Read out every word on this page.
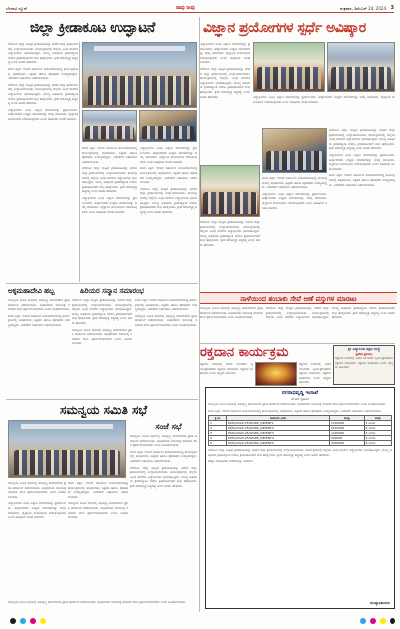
ಬೆಳಗಾವಿ ನ್ಯೂಸ್	ನಾವು ನೀವು	ಶುಕ್ರವಾರ, ಡಿಸೆಂಬರ್ 24, 2024 3
ಜಿಲ್ಲಾ ಕ್ರೀಡಾಕೂಟ ಉದ್ಘಾಟನೆ	ವಿಜ್ಞಾನ ಪ್ರಯೋಗಗಳ ಸ್ಪರ್ಧೆ ಅವಿಷ್ಕಾರ

ಬೆಳಗಾವಿ: ಜಿಲ್ಲಾ ಮಟ್ಟದ ಕ್ರೀಡಾಕೂಟವನ್ನು ನಗರದ ಜಿಲ್ಲಾ ಕ್ರೀಡಾಂಗಣದಲ್ಲಿ ಉದ್ಘಾಟಿಸಲಾಯಿತು. ಕಾರ್ಯಕ್ರಮದಲ್ಲಿ ಜಿಲ್ಲೆಯ ವಿವಿಧ ಶಾಲೆಗಳ ವಿದ್ಯಾರ್ಥಿಗಳು ಭಾಗವಹಿಸಿದ್ದರು. ಮುಖ್ಯ ಅತಿಥಿಗಳು ಕ್ರೀಡಾಜ್ಯೋತಿ ಬೆಳಗಿಸಿ ಕ್ರೀಡಾಪಟುಗಳಿಗೆ ಶುಭ ಹಾರೈಸಿದರು. ಕ್ರೀಡೆ ಆರೋಗ್ಯಕ್ಕೆ ಅತ್ಯಗತ್ಯ ಎಂದು ಅವರು ಹೇಳಿದರು.

ಶಾಲಾ ಶಿಕ್ಷಣ ಇಲಾಖೆ ವತಿಯಿಂದ ಆಯೋಜಿಸಲಾಗಿದ್ದ ಕಾರ್ಯಕ್ರಮದಲ್ಲಿ ಅಧಿಕಾರಿಗಳು, ಶಿಕ್ಷಕರು ಹಾಗೂ ಪೋಷಕರು ಉಪಸ್ಥಿತರಿದ್ದರು. ವಿಜೇತರಿಗೆ ಬಹುಮಾನ ವಿತರಿಸಲಾಯಿತು.

ಬೆಳಗಾವಿ: ಜಿಲ್ಲಾ ಮಟ್ಟದ ಕ್ರೀಡಾಕೂಟವನ್ನು ನಗರದ ಜಿಲ್ಲಾ ಕ್ರೀಡಾಂಗಣದಲ್ಲಿ ಉದ್ಘಾಟಿಸಲಾಯಿತು. ಕಾರ್ಯಕ್ರಮದಲ್ಲಿ ಜಿಲ್ಲೆಯ ವಿವಿಧ ಶಾಲೆಗಳ ವಿದ್ಯಾರ್ಥಿಗಳು ಭಾಗವಹಿಸಿದ್ದರು. ಮುಖ್ಯ ಅತಿಥಿಗಳು ಕ್ರೀಡಾಜ್ಯೋತಿ ಬೆಳಗಿಸಿ ಕ್ರೀಡಾಪಟುಗಳಿಗೆ ಶುಭ ಹಾರೈಸಿದರು. ಕ್ರೀಡೆ ಆರೋಗ್ಯಕ್ಕೆ ಅತ್ಯಗತ್ಯ ಎಂದು ಅವರು ಹೇಳಿದರು.

ವಿದ್ಯಾರ್ಥಿಗಳು ವಿವಿಧ ವಿಜ್ಞಾನ ಮಾದರಿಗಳನ್ನು ಪ್ರದರ್ಶಿಸಿದರು. ತೀರ್ಪುಗಾರರು ಉತ್ತಮ ಮಾದರಿಗಳನ್ನು ಆಯ್ಕೆ ಮಾಡಿದರು. ವೈಜ್ಞಾನಿಕ ಮನೋಭಾವ ಬೆಳೆಸಿಕೊಳ್ಳಬೇಕು ಎಂದು ಅತಿಥಿಗಳು ಸಲಹೆ ನೀಡಿದರು.

ಶಾಲಾ ಶಿಕ್ಷಣ ಇಲಾಖೆ ವತಿಯಿಂದ ಆಯೋಜಿಸಲಾಗಿದ್ದ ಕಾರ್ಯಕ್ರಮದಲ್ಲಿ ಅಧಿಕಾರಿಗಳು, ಶಿಕ್ಷಕರು ಹಾಗೂ ಪೋಷಕರು ಉಪಸ್ಥಿತರಿದ್ದರು. ವಿಜೇತರಿಗೆ ಬಹುಮಾನ ವಿತರಿಸಲಾಯಿತು.

ಬೆಳಗಾವಿ: ಜಿಲ್ಲಾ ಮಟ್ಟದ ಕ್ರೀಡಾಕೂಟವನ್ನು ನಗರದ ಜಿಲ್ಲಾ ಕ್ರೀಡಾಂಗಣದಲ್ಲಿ ಉದ್ಘಾಟಿಸಲಾಯಿತು. ಕಾರ್ಯಕ್ರಮದಲ್ಲಿ ಜಿಲ್ಲೆಯ ವಿವಿಧ ಶಾಲೆಗಳ ವಿದ್ಯಾರ್ಥಿಗಳು ಭಾಗವಹಿಸಿದ್ದರು. ಮುಖ್ಯ ಅತಿಥಿಗಳು ಕ್ರೀಡಾಜ್ಯೋತಿ ಬೆಳಗಿಸಿ ಕ್ರೀಡಾಪಟುಗಳಿಗೆ ಶುಭ ಹಾರೈಸಿದರು. ಕ್ರೀಡೆ ಆರೋಗ್ಯಕ್ಕೆ ಅತ್ಯಗತ್ಯ ಎಂದು ಅವರು ಹೇಳಿದರು.

ವಿದ್ಯಾರ್ಥಿಗಳು ವಿವಿಧ ವಿಜ್ಞಾನ ಮಾದರಿಗಳನ್ನು ಪ್ರದರ್ಶಿಸಿದರು. ತೀರ್ಪುಗಾರರು ಉತ್ತಮ ಮಾದರಿಗಳನ್ನು ಆಯ್ಕೆ ಮಾಡಿದರು. ವೈಜ್ಞಾನಿಕ ಮನೋಭಾವ ಬೆಳೆಸಿಕೊಳ್ಳಬೇಕು ಎಂದು ಅತಿಥಿಗಳು ಸಲಹೆ ನೀಡಿದರು.

ವಿದ್ಯಾರ್ಥಿಗಳು ವಿವಿಧ ವಿಜ್ಞಾನ ಮಾದರಿಗಳನ್ನು ಪ್ರದರ್ಶಿಸಿದರು. ತೀರ್ಪುಗಾರರು ಉತ್ತಮ ಮಾದರಿಗಳನ್ನು ಆಯ್ಕೆ ಮಾಡಿದರು. ವೈಜ್ಞಾನಿಕ ಮನೋಭಾವ ಬೆಳೆಸಿಕೊಳ್ಳಬೇಕು ಎಂದು ಅತಿಥಿಗಳು ಸಲಹೆ ನೀಡಿದರು.

ಶಾಲಾ ಶಿಕ್ಷಣ ಇಲಾಖೆ ವತಿಯಿಂದ ಆಯೋಜಿಸಲಾಗಿದ್ದ ಕಾರ್ಯಕ್ರಮದಲ್ಲಿ ಅಧಿಕಾರಿಗಳು, ಶಿಕ್ಷಕರು ಹಾಗೂ ಪೋಷಕರು ಉಪಸ್ಥಿತರಿದ್ದರು. ವಿಜೇತರಿಗೆ ಬಹುಮಾನ ವಿತರಿಸಲಾಯಿತು.

ಬೆಳಗಾವಿ: ಜಿಲ್ಲಾ ಮಟ್ಟದ ಕ್ರೀಡಾಕೂಟವನ್ನು ನಗರದ ಜಿಲ್ಲಾ ಕ್ರೀಡಾಂಗಣದಲ್ಲಿ ಉದ್ಘಾಟಿಸಲಾಯಿತು. ಕಾರ್ಯಕ್ರಮದಲ್ಲಿ ಜಿಲ್ಲೆಯ ವಿವಿಧ ಶಾಲೆಗಳ ವಿದ್ಯಾರ್ಥಿಗಳು ಭಾಗವಹಿಸಿದ್ದರು. ಮುಖ್ಯ ಅತಿಥಿಗಳು ಕ್ರೀಡಾಜ್ಯೋತಿ ಬೆಳಗಿಸಿ ಕ್ರೀಡಾಪಟುಗಳಿಗೆ ಶುಭ ಹಾರೈಸಿದರು. ಕ್ರೀಡೆ ಆರೋಗ್ಯಕ್ಕೆ ಅತ್ಯಗತ್ಯ ಎಂದು ಅವರು ಹೇಳಿದರು.

ವಿದ್ಯಾರ್ಥಿಗಳು ವಿವಿಧ ವಿಜ್ಞಾನ ಮಾದರಿಗಳನ್ನು ಪ್ರದರ್ಶಿಸಿದರು. ತೀರ್ಪುಗಾರರು ಉತ್ತಮ ಮಾದರಿಗಳನ್ನು ಆಯ್ಕೆ ಮಾಡಿದರು. ವೈಜ್ಞಾನಿಕ ಮನೋಭಾವ ಬೆಳೆಸಿಕೊಳ್ಳಬೇಕು ಎಂದು ಅತಿಥಿಗಳು ಸಲಹೆ ನೀಡಿದರು.

ಬೆಳಗಾವಿ: ಜಿಲ್ಲಾ ಮಟ್ಟದ ಕ್ರೀಡಾಕೂಟವನ್ನು ನಗರದ ಜಿಲ್ಲಾ ಕ್ರೀಡಾಂಗಣದಲ್ಲಿ ಉದ್ಘಾಟಿಸಲಾಯಿತು. ಕಾರ್ಯಕ್ರಮದಲ್ಲಿ ಜಿಲ್ಲೆಯ ವಿವಿಧ ಶಾಲೆಗಳ ವಿದ್ಯಾರ್ಥಿಗಳು ಭಾಗವಹಿಸಿದ್ದರು. ಮುಖ್ಯ ಅತಿಥಿಗಳು ಕ್ರೀಡಾಜ್ಯೋತಿ ಬೆಳಗಿಸಿ ಕ್ರೀಡಾಪಟುಗಳಿಗೆ ಶುಭ ಹಾರೈಸಿದರು. ಕ್ರೀಡೆ ಆರೋಗ್ಯಕ್ಕೆ ಅತ್ಯಗತ್ಯ ಎಂದು ಅವರು ಹೇಳಿದರು.	ವಿದ್ಯಾರ್ಥಿಗಳು ವಿವಿಧ ವಿಜ್ಞಾನ ಮಾದರಿಗಳನ್ನು ಪ್ರದರ್ಶಿಸಿದರು. ತೀರ್ಪುಗಾರರು ಉತ್ತಮ ಮಾದರಿಗಳನ್ನು ಆಯ್ಕೆ ಮಾಡಿದರು. ವೈಜ್ಞಾನಿಕ ಮನೋಭಾವ ಬೆಳೆಸಿಕೊಳ್ಳಬೇಕು ಎಂದು ಅತಿಥಿಗಳು ಸಲಹೆ ನೀಡಿದರು.

ಬೆಳಗಾವಿ: ಜಿಲ್ಲಾ ಮಟ್ಟದ ಕ್ರೀಡಾಕೂಟವನ್ನು ನಗರದ ಜಿಲ್ಲಾ ಕ್ರೀಡಾಂಗಣದಲ್ಲಿ ಉದ್ಘಾಟಿಸಲಾಯಿತು. ಕಾರ್ಯಕ್ರಮದಲ್ಲಿ ಜಿಲ್ಲೆಯ ವಿವಿಧ ಶಾಲೆಗಳ ವಿದ್ಯಾರ್ಥಿಗಳು ಭಾಗವಹಿಸಿದ್ದರು. ಮುಖ್ಯ ಅತಿಥಿಗಳು ಕ್ರೀಡಾಜ್ಯೋತಿ ಬೆಳಗಿಸಿ ಕ್ರೀಡಾಪಟುಗಳಿಗೆ ಶುಭ ಹಾರೈಸಿದರು. ಕ್ರೀಡೆ ಆರೋಗ್ಯಕ್ಕೆ ಅತ್ಯಗತ್ಯ ಎಂದು ಅವರು ಹೇಳಿದರು.

ವಿದ್ಯಾರ್ಥಿಗಳು ವಿವಿಧ ವಿಜ್ಞಾನ ಮಾದರಿಗಳನ್ನು ಪ್ರದರ್ಶಿಸಿದರು. ತೀರ್ಪುಗಾರರು ಉತ್ತಮ ಮಾದರಿಗಳನ್ನು ಆಯ್ಕೆ ಮಾಡಿದರು. ವೈಜ್ಞಾನಿಕ ಮನೋಭಾವ ಬೆಳೆಸಿಕೊಳ್ಳಬೇಕು ಎಂದು ಅತಿಥಿಗಳು ಸಲಹೆ ನೀಡಿದರು.

ಶಾಲಾ ಶಿಕ್ಷಣ ಇಲಾಖೆ ವತಿಯಿಂದ ಆಯೋಜಿಸಲಾಗಿದ್ದ ಕಾರ್ಯಕ್ರಮದಲ್ಲಿ ಅಧಿಕಾರಿಗಳು, ಶಿಕ್ಷಕರು ಹಾಗೂ ಪೋಷಕರು ಉಪಸ್ಥಿತರಿದ್ದರು. ವಿಜೇತರಿಗೆ ಬಹುಮಾನ ವಿತರಿಸಲಾಯಿತು.

ಶಾಲಾ ಶಿಕ್ಷಣ ಇಲಾಖೆ ವತಿಯಿಂದ ಆಯೋಜಿಸಲಾಗಿದ್ದ ಕಾರ್ಯಕ್ರಮದಲ್ಲಿ ಅಧಿಕಾರಿಗಳು, ಶಿಕ್ಷಕರು ಹಾಗೂ ಪೋಷಕರು ಉಪಸ್ಥಿತರಿದ್ದರು. ವಿಜೇತರಿಗೆ ಬಹುಮಾನ ವಿತರಿಸಲಾಯಿತು.

ವಿದ್ಯಾರ್ಥಿಗಳು ವಿವಿಧ ವಿಜ್ಞಾನ ಮಾದರಿಗಳನ್ನು ಪ್ರದರ್ಶಿಸಿದರು. ತೀರ್ಪುಗಾರರು ಉತ್ತಮ ಮಾದರಿಗಳನ್ನು ಆಯ್ಕೆ ಮಾಡಿದರು. ವೈಜ್ಞಾನಿಕ ಮನೋಭಾವ ಬೆಳೆಸಿಕೊಳ್ಳಬೇಕು ಎಂದು ಅತಿಥಿಗಳು ಸಲಹೆ ನೀಡಿದರು.

ಬೆಳಗಾವಿ: ಜಿಲ್ಲಾ ಮಟ್ಟದ ಕ್ರೀಡಾಕೂಟವನ್ನು ನಗರದ ಜಿಲ್ಲಾ ಕ್ರೀಡಾಂಗಣದಲ್ಲಿ ಉದ್ಘಾಟಿಸಲಾಯಿತು. ಕಾರ್ಯಕ್ರಮದಲ್ಲಿ ಜಿಲ್ಲೆಯ ವಿವಿಧ ಶಾಲೆಗಳ ವಿದ್ಯಾರ್ಥಿಗಳು ಭಾಗವಹಿಸಿದ್ದರು. ಮುಖ್ಯ ಅತಿಥಿಗಳು ಕ್ರೀಡಾಜ್ಯೋತಿ ಬೆಳಗಿಸಿ ಕ್ರೀಡಾಪಟುಗಳಿಗೆ ಶುಭ ಹಾರೈಸಿದರು. ಕ್ರೀಡೆ ಆರೋಗ್ಯಕ್ಕೆ ಅತ್ಯಗತ್ಯ ಎಂದು ಅವರು ಹೇಳಿದರು.

ನಾಳೆಯಿಂದ ತಂಬಾಕು ಸೇವೆ ಅಣೆ ವಸ್ತುಗಳ ಮಾರಾಟ

ಸಮನ್ವಯ ಸಮಿತಿ ಸಭೆಯಲ್ಲಿ ಅಭಿವೃದ್ಧಿ ಕಾಮಗಾರಿಗಳ ಪ್ರಗತಿ ಪರಿಶೀಲನೆ ನಡೆಸಲಾಯಿತು. ಅಧಿಕಾರಿಗಳು ಸಮಯಕ್ಕೆ ಸರಿಯಾಗಿ ಕೆಲಸ ಪೂರ್ಣಗೊಳಿಸಬೇಕು ಎಂದು ಸೂಚಿಸಲಾಯಿತು.

ಬೆಳಗಾವಿ: ಜಿಲ್ಲಾ ಮಟ್ಟದ ಕ್ರೀಡಾಕೂಟವನ್ನು ನಗರದ ಜಿಲ್ಲಾ ಕ್ರೀಡಾಂಗಣದಲ್ಲಿ ಉದ್ಘಾಟಿಸಲಾಯಿತು. ಕಾರ್ಯಕ್ರಮದಲ್ಲಿ ಜಿಲ್ಲೆಯ ವಿವಿಧ ಶಾಲೆಗಳ ವಿದ್ಯಾರ್ಥಿಗಳು ಭಾಗವಹಿಸಿದ್ದರು. ಮುಖ್ಯ ಅತಿಥಿಗಳು ಕ್ರೀಡಾಜ್ಯೋತಿ ಬೆಳಗಿಸಿ ಕ್ರೀಡಾಪಟುಗಳಿಗೆ ಶುಭ ಹಾರೈಸಿದರು. ಕ್ರೀಡೆ ಆರೋಗ್ಯಕ್ಕೆ ಅತ್ಯಗತ್ಯ ಎಂದು ಅವರು ಹೇಳಿದರು.

ಅಕ್ಕಮಹಾದೇವಿ ಹಬ್ಬ	ಹಿರಿಯರ ಸನ್ಮಾನ ಸಮಾರಂಭ

ಸಮನ್ವಯ ಸಮಿತಿ ಸಭೆಯಲ್ಲಿ ಅಭಿವೃದ್ಧಿ ಕಾಮಗಾರಿಗಳ ಪ್ರಗತಿ ಪರಿಶೀಲನೆ ನಡೆಸಲಾಯಿತು. ಅಧಿಕಾರಿಗಳು ಸಮಯಕ್ಕೆ ಸರಿಯಾಗಿ ಕೆಲಸ ಪೂರ್ಣಗೊಳಿಸಬೇಕು ಎಂದು ಸೂಚಿಸಲಾಯಿತು.

ಶಾಲಾ ಶಿಕ್ಷಣ ಇಲಾಖೆ ವತಿಯಿಂದ ಆಯೋಜಿಸಲಾಗಿದ್ದ ಕಾರ್ಯಕ್ರಮದಲ್ಲಿ ಅಧಿಕಾರಿಗಳು, ಶಿಕ್ಷಕರು ಹಾಗೂ ಪೋಷಕರು ಉಪಸ್ಥಿತರಿದ್ದರು. ವಿಜೇತರಿಗೆ ಬಹುಮಾನ ವಿತರಿಸಲಾಯಿತು.

ಬೆಳಗಾವಿ: ಜಿಲ್ಲಾ ಮಟ್ಟದ ಕ್ರೀಡಾಕೂಟವನ್ನು ನಗರದ ಜಿಲ್ಲಾ ಕ್ರೀಡಾಂಗಣದಲ್ಲಿ ಉದ್ಘಾಟಿಸಲಾಯಿತು. ಕಾರ್ಯಕ್ರಮದಲ್ಲಿ ಜಿಲ್ಲೆಯ ವಿವಿಧ ಶಾಲೆಗಳ ವಿದ್ಯಾರ್ಥಿಗಳು ಭಾಗವಹಿಸಿದ್ದರು. ಮುಖ್ಯ ಅತಿಥಿಗಳು ಕ್ರೀಡಾಜ್ಯೋತಿ ಬೆಳಗಿಸಿ ಕ್ರೀಡಾಪಟುಗಳಿಗೆ ಶುಭ ಹಾರೈಸಿದರು. ಕ್ರೀಡೆ ಆರೋಗ್ಯಕ್ಕೆ ಅತ್ಯಗತ್ಯ ಎಂದು ಅವರು ಹೇಳಿದರು.

ಸಮನ್ವಯ ಸಮಿತಿ ಸಭೆಯಲ್ಲಿ ಅಭಿವೃದ್ಧಿ ಕಾಮಗಾರಿಗಳ ಪ್ರಗತಿ ಪರಿಶೀಲನೆ ನಡೆಸಲಾಯಿತು. ಅಧಿಕಾರಿಗಳು ಸಮಯಕ್ಕೆ ಸರಿಯಾಗಿ ಕೆಲಸ ಪೂರ್ಣಗೊಳಿಸಬೇಕು ಎಂದು ಸೂಚಿಸಲಾಯಿತು.

ಶಾಲಾ ಶಿಕ್ಷಣ ಇಲಾಖೆ ವತಿಯಿಂದ ಆಯೋಜಿಸಲಾಗಿದ್ದ ಕಾರ್ಯಕ್ರಮದಲ್ಲಿ ಅಧಿಕಾರಿಗಳು, ಶಿಕ್ಷಕರು ಹಾಗೂ ಪೋಷಕರು ಉಪಸ್ಥಿತರಿದ್ದರು. ವಿಜೇತರಿಗೆ ಬಹುಮಾನ ವಿತರಿಸಲಾಯಿತು.

ಸಮನ್ವಯ ಸಮಿತಿ ಸಭೆಯಲ್ಲಿ ಅಭಿವೃದ್ಧಿ ಕಾಮಗಾರಿಗಳ ಪ್ರಗತಿ ಪರಿಶೀಲನೆ ನಡೆಸಲಾಯಿತು. ಅಧಿಕಾರಿಗಳು ಸಮಯಕ್ಕೆ ಸರಿಯಾಗಿ ಕೆಲಸ ಪೂರ್ಣಗೊಳಿಸಬೇಕು ಎಂದು ಸೂಚಿಸಲಾಯಿತು.

ಸಮನ್ವಯ ಸಮಿತಿ ಸಭೆ
ಸಂಜೆ ಸಭೆ

ಸಮನ್ವಯ ಸಮಿತಿ ಸಭೆಯಲ್ಲಿ ಅಭಿವೃದ್ಧಿ ಕಾಮಗಾರಿಗಳ ಪ್ರಗತಿ ಪರಿಶೀಲನೆ ನಡೆಸಲಾಯಿತು. ಅಧಿಕಾರಿಗಳು ಸಮಯಕ್ಕೆ ಸರಿಯಾಗಿ ಕೆಲಸ ಪೂರ್ಣಗೊಳಿಸಬೇಕು ಎಂದು ಸೂಚಿಸಲಾಯಿತು.

ಶಾಲಾ ಶಿಕ್ಷಣ ಇಲಾಖೆ ವತಿಯಿಂದ ಆಯೋಜಿಸಲಾಗಿದ್ದ ಕಾರ್ಯಕ್ರಮದಲ್ಲಿ ಅಧಿಕಾರಿಗಳು, ಶಿಕ್ಷಕರು ಹಾಗೂ ಪೋಷಕರು ಉಪಸ್ಥಿತರಿದ್ದರು. ವಿಜೇತರಿಗೆ ಬಹುಮಾನ ವಿತರಿಸಲಾಯಿತು.

ಬೆಳಗಾವಿ: ಜಿಲ್ಲಾ ಮಟ್ಟದ ಕ್ರೀಡಾಕೂಟವನ್ನು ನಗರದ ಜಿಲ್ಲಾ ಕ್ರೀಡಾಂಗಣದಲ್ಲಿ ಉದ್ಘಾಟಿಸಲಾಯಿತು. ಕಾರ್ಯಕ್ರಮದಲ್ಲಿ ಜಿಲ್ಲೆಯ ವಿವಿಧ ಶಾಲೆಗಳ ವಿದ್ಯಾರ್ಥಿಗಳು ಭಾಗವಹಿಸಿದ್ದರು. ಮುಖ್ಯ ಅತಿಥಿಗಳು ಕ್ರೀಡಾಜ್ಯೋತಿ ಬೆಳಗಿಸಿ ಕ್ರೀಡಾಪಟುಗಳಿಗೆ ಶುಭ ಹಾರೈಸಿದರು. ಕ್ರೀಡೆ ಆರೋಗ್ಯಕ್ಕೆ ಅತ್ಯಗತ್ಯ ಎಂದು ಅವರು ಹೇಳಿದರು.

ಸಮನ್ವಯ ಸಮಿತಿ ಸಭೆಯಲ್ಲಿ ಅಭಿವೃದ್ಧಿ ಕಾಮಗಾರಿಗಳ ಪ್ರಗತಿ ಪರಿಶೀಲನೆ ನಡೆಸಲಾಯಿತು. ಅಧಿಕಾರಿಗಳು ಸಮಯಕ್ಕೆ ಸರಿಯಾಗಿ ಕೆಲಸ ಪೂರ್ಣಗೊಳಿಸಬೇಕು ಎಂದು ಸೂಚಿಸಲಾಯಿತು.

ವಿದ್ಯಾರ್ಥಿಗಳು ವಿವಿಧ ವಿಜ್ಞಾನ ಮಾದರಿಗಳನ್ನು ಪ್ರದರ್ಶಿಸಿದರು. ತೀರ್ಪುಗಾರರು ಉತ್ತಮ ಮಾದರಿಗಳನ್ನು ಆಯ್ಕೆ ಮಾಡಿದರು. ವೈಜ್ಞಾನಿಕ ಮನೋಭಾವ ಬೆಳೆಸಿಕೊಳ್ಳಬೇಕು ಎಂದು ಅತಿಥಿಗಳು ಸಲಹೆ ನೀಡಿದರು.

ಶಾಲಾ ಶಿಕ್ಷಣ ಇಲಾಖೆ ವತಿಯಿಂದ ಆಯೋಜಿಸಲಾಗಿದ್ದ ಕಾರ್ಯಕ್ರಮದಲ್ಲಿ ಅಧಿಕಾರಿಗಳು, ಶಿಕ್ಷಕರು ಹಾಗೂ ಪೋಷಕರು ಉಪಸ್ಥಿತರಿದ್ದರು. ವಿಜೇತರಿಗೆ ಬಹುಮಾನ ವಿತರಿಸಲಾಯಿತು.

ಸಮನ್ವಯ ಸಮಿತಿ ಸಭೆಯಲ್ಲಿ ಅಭಿವೃದ್ಧಿ ಕಾಮಗಾರಿಗಳ ಪ್ರಗತಿ ಪರಿಶೀಲನೆ ನಡೆಸಲಾಯಿತು. ಅಧಿಕಾರಿಗಳು ಸಮಯಕ್ಕೆ ಸರಿಯಾಗಿ ಕೆಲಸ ಪೂರ್ಣಗೊಳಿಸಬೇಕು ಎಂದು ಸೂಚಿಸಲಾಯಿತು.

ಸಮನ್ವಯ ಸಮಿತಿ ಸಭೆಯಲ್ಲಿ ಅಭಿವೃದ್ಧಿ ಕಾಮಗಾರಿಗಳ ಪ್ರಗತಿ ಪರಿಶೀಲನೆ ನಡೆಸಲಾಯಿತು. ಅಧಿಕಾರಿಗಳು ಸಮಯಕ್ಕೆ ಸರಿಯಾಗಿ ಕೆಲಸ ಪೂರ್ಣಗೊಳಿಸಬೇಕು ಎಂದು ಸೂಚಿಸಲಾಯಿತು.

ರಕ್ತದಾನ ಕಾರ್ಯಕ್ರಮ

ರಕ್ತದಾನ ಶಿಬಿರದಲ್ಲಿ ಅನೇಕ ಯುವಕರು ಸ್ವಯಂಪ್ರೇರಿತರಾಗಿ ರಕ್ತದಾನ ಮಾಡಿದರು. ರಕ್ತದಾನ ಮಹಾದಾನ ಎಂದು ವೈದ್ಯರು ತಿಳಿಸಿದರು.

ರಕ್ತದಾನ ಶಿಬಿರದಲ್ಲಿ ಅನೇಕ ಯುವಕರು ಸ್ವಯಂಪ್ರೇರಿತರಾಗಿ ರಕ್ತದಾನ ಮಾಡಿದರು. ರಕ್ತದಾನ ಮಹಾದಾನ ಎಂದು ವೈದ್ಯರು ತಿಳಿಸಿದರು.

ಶ್ರೀ ವಿದ್ಯಾಲಯ ಶಿಕ್ಷಣ ಸಂಸ್ಥೆ
ಪ್ರವೇಶ ಪ್ರಾರಂಭ
ರಕ್ತದಾನ ಶಿಬಿರದಲ್ಲಿ ಅನೇಕ ಯುವಕರು ಸ್ವಯಂಪ್ರೇರಿತರಾಗಿ ರಕ್ತದಾನ ಮಾಡಿದರು. ರಕ್ತದಾನ ಮಹಾದಾನ ಎಂದು ವೈದ್ಯರು ತಿಳಿಸಿದರು.
ನಗರಾಭಿವೃದ್ಧಿ ಇಲಾಖೆ
ಟೆಂಡರ್ ಪ್ರಕಟಣೆ

ಸಮನ್ವಯ ಸಮಿತಿ ಸಭೆಯಲ್ಲಿ ಅಭಿವೃದ್ಧಿ ಕಾಮಗಾರಿಗಳ ಪ್ರಗತಿ ಪರಿಶೀಲನೆ ನಡೆಸಲಾಯಿತು. ಅಧಿಕಾರಿಗಳು ಸಮಯಕ್ಕೆ ಸರಿಯಾಗಿ ಕೆಲಸ ಪೂರ್ಣಗೊಳಿಸಬೇಕು ಎಂದು ಸೂಚಿಸಲಾಯಿತು.

ಶಾಲಾ ಶಿಕ್ಷಣ ಇಲಾಖೆ ವತಿಯಿಂದ ಆಯೋಜಿಸಲಾಗಿದ್ದ ಕಾರ್ಯಕ್ರಮದಲ್ಲಿ ಅಧಿಕಾರಿಗಳು, ಶಿಕ್ಷಕರು ಹಾಗೂ ಪೋಷಕರು ಉಪಸ್ಥಿತರಿದ್ದರು. ವಿಜೇತರಿಗೆ ಬಹುಮಾನ ವಿತರಿಸಲಾಯಿತು.

ಕ್ರ.ಸಂ	ಕಾಮಗಾರಿ ವಿವರ	ಮೊತ್ತ	ಅವಧಿ
1	DMA/2024-25/WORK_INDENT1	1500000	3 ತಿಂಗಳು
2	DMA/2024-25/WORK_INDENT2	2500000	6 ತಿಂಗಳು
3	DMA/2024-25/WORK_INDENT3	1200000	3 ತಿಂಗಳು
4	DMA/2024-25/WORK_INDENT4	900000	2 ತಿಂಗಳು
5	DMA/2024-25/WORK_INDENT5	3200000	6 ತಿಂಗಳು

ಬೆಳಗಾವಿ: ಜಿಲ್ಲಾ ಮಟ್ಟದ ಕ್ರೀಡಾಕೂಟವನ್ನು ನಗರದ ಜಿಲ್ಲಾ ಕ್ರೀಡಾಂಗಣದಲ್ಲಿ ಉದ್ಘಾಟಿಸಲಾಯಿತು. ಕಾರ್ಯಕ್ರಮದಲ್ಲಿ ಜಿಲ್ಲೆಯ ವಿವಿಧ ಶಾಲೆಗಳ ವಿದ್ಯಾರ್ಥಿಗಳು ಭಾಗವಹಿಸಿದ್ದರು. ಮುಖ್ಯ ಅತಿಥಿಗಳು ಕ್ರೀಡಾಜ್ಯೋತಿ ಬೆಳಗಿಸಿ ಕ್ರೀಡಾಪಟುಗಳಿಗೆ ಶುಭ ಹಾರೈಸಿದರು. ಕ್ರೀಡೆ ಆರೋಗ್ಯಕ್ಕೆ ಅತ್ಯಗತ್ಯ ಎಂದು ಅವರು ಹೇಳಿದರು.

ಹೆಚ್ಚಿನ ಮಾಹಿತಿಗಾಗಿ ಕಚೇರಿಯನ್ನು ಸಂಪರ್ಕಿಸಿ

ಮುಖ್ಯಾಧಿಕಾರಿಗಳು
